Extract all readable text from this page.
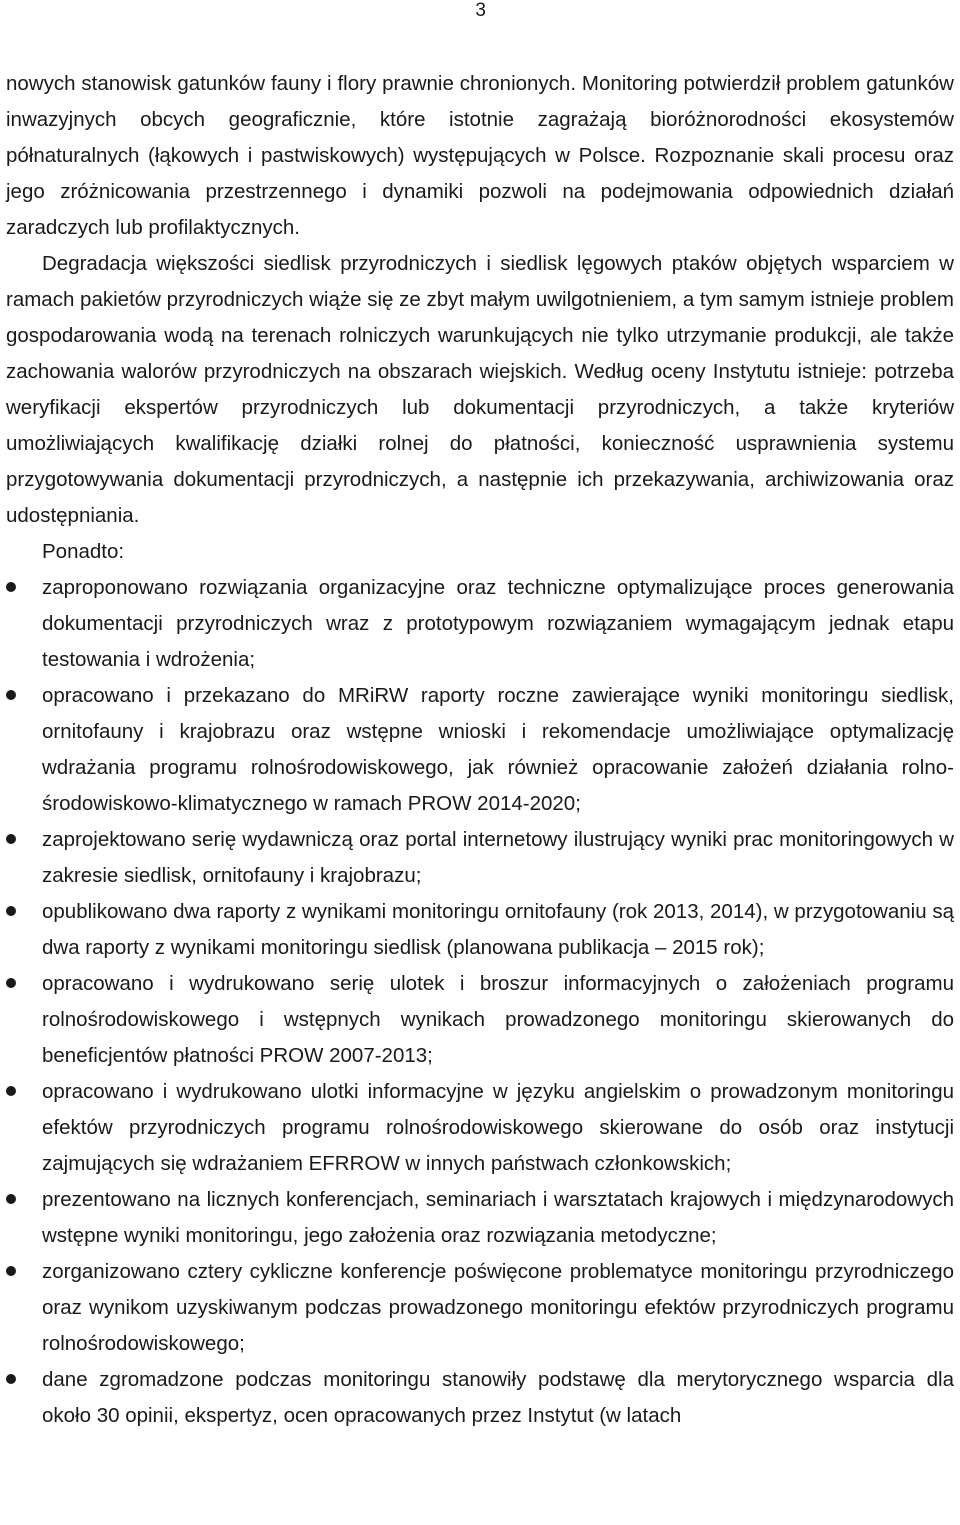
3

nowych stanowisk gatunków fauny i flory prawnie chronionych. Monitoring potwierdził problem gatunków inwazyjnych obcych geograficznie, które istotnie zagrażają bioróżnorodności ekosystemów półnaturalnych (łąkowych i pastwiskowych) występujących w Polsce. Rozpoznanie skali procesu oraz jego zróżnicowania przestrzennego i dynamiki pozwoli na podejmowania odpowiednich działań zaradczych lub profilaktycznych.

Degradacja większości siedlisk przyrodniczych i siedlisk lęgowych ptaków objętych wsparciem w ramach pakietów przyrodniczych wiąże się ze zbyt małym uwilgotnieniem, a tym samym istnieje problem gospodarowania wodą na terenach rolniczych warunkujących nie tylko utrzymanie produkcji, ale także zachowania walorów przyrodniczych na obszarach wiejskich. Według oceny Instytutu istnieje: potrzeba weryfikacji ekspertów przyrodniczych lub dokumentacji przyrodniczych, a także kryteriów umożliwiających kwalifikację działki rolnej do płatności, konieczność usprawnienia systemu przygotowywania dokumentacji przyrodniczych, a następnie ich przekazywania, archiwizowania oraz udostępniania.

Ponadto:
zaproponowano rozwiązania organizacyjne oraz techniczne optymalizujące proces generowania dokumentacji przyrodniczych wraz z prototypowym rozwiązaniem wymagającym jednak etapu testowania i wdrożenia;
opracowano i przekazano do MRiRW raporty roczne zawierające wyniki monitoringu siedlisk, ornitofauny i krajobrazu oraz wstępne wnioski i rekomendacje umożliwiające optymalizację wdrażania programu rolnośrodowiskowego, jak również opracowanie założeń działania rolno-środowiskowo-klimatycznego w ramach PROW 2014-2020;
zaprojektowano serię wydawniczą oraz portal internetowy ilustrujący wyniki prac monitoringowych w zakresie siedlisk, ornitofauny i krajobrazu;
opublikowano dwa raporty z wynikami monitoringu ornitofauny (rok 2013, 2014), w przygotowaniu są dwa raporty z wynikami monitoringu siedlisk (planowana publikacja – 2015 rok);
opracowano i wydrukowano serię ulotek i broszur informacyjnych o założeniach programu rolnośrodowiskowego i wstępnych wynikach prowadzonego monitoringu skierowanych do beneficjentów płatności PROW 2007-2013;
opracowano i wydrukowano ulotki informacyjne w języku angielskim o prowadzonym monitoringu efektów przyrodniczych programu rolnośrodowiskowego skierowane do osób oraz instytucji zajmujących się wdrażaniem EFRROW w innych państwach członkowskich;
prezentowano na licznych konferencjach, seminariach i warsztatach krajowych i międzynarodowych wstępne wyniki monitoringu, jego założenia oraz rozwiązania metodyczne;
zorganizowano cztery cykliczne konferencje poświęcone problematyce monitoringu przyrodniczego oraz wynikom uzyskiwanym podczas prowadzonego monitoringu efektów przyrodniczych programu rolnośrodowiskowego;
dane zgromadzone podczas monitoringu stanowiły podstawę dla merytorycznego wsparcia dla około 30 opinii, ekspertyz, ocen opracowanych przez Instytut (w latach
